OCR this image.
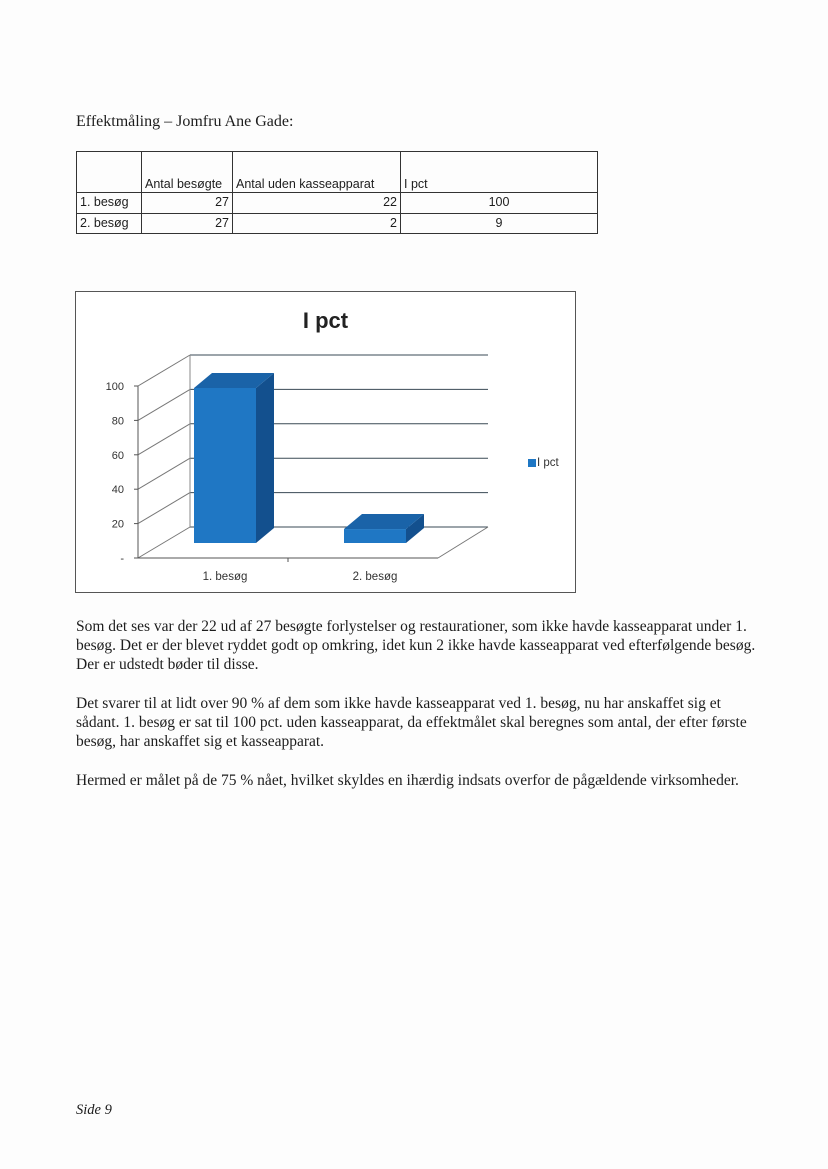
Effektmåling – Jomfru Ane Gade:
	Antal besøgte	Antal uden kasseapparat	I pct
1. besøg	27	22	100
2. besøg	27	2	9
I pct
-
20
40
60
80
100
1. besøg	2. besøg
I pct
Som det ses var der 22 ud af 27 besøgte forlystelser og restaurationer, som ikke havde kasseapparat under 1. besøg. Det er der blevet ryddet godt op omkring, idet kun 2 ikke havde kasseapparat ved efterfølgende besøg. Der er udstedt bøder til disse.
Det svarer til at lidt over 90 % af dem som ikke havde kasseapparat ved 1. besøg, nu har anskaffet sig et sådant. 1. besøg er sat til 100 pct. uden kasseapparat, da effektmålet skal beregnes som antal, der efter første besøg, har anskaffet sig et kasseapparat.
Hermed er målet på de 75 % nået, hvilket skyldes en ihærdig indsats overfor de pågældende virksomheder.
Side 9
